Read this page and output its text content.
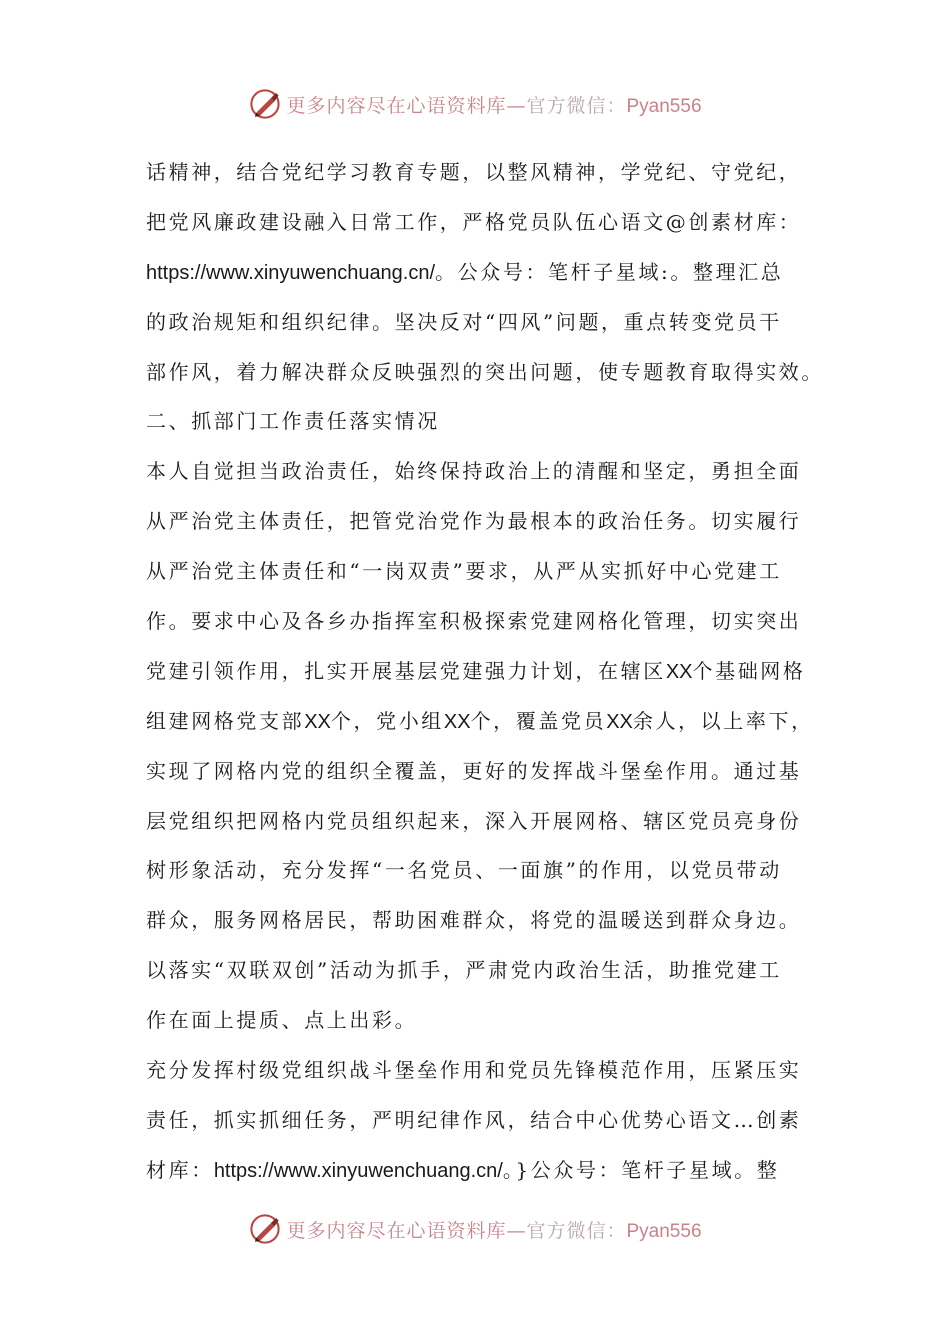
更多内容尽在心语资料库—官方微信：Pyan556
话精神，结合党纪学习教育专题，以整风精神，学党纪、守党纪，
把党风廉政建设融入日常工作，严格党员队伍心语文@创素材库：
https://www.xinyuwenchuang.cn/。公众号：笔杆子星域:。整理汇总
的政治规矩和组织纪律。坚决反对“四风”问题，重点转变党员干
部作风，着力解决群众反映强烈的突出问题，使专题教育取得实效。
二、抓部门工作责任落实情况
本人自觉担当政治责任，始终保持政治上的清醒和坚定，勇担全面
从严治党主体责任，把管党治党作为最根本的政治任务。切实履行
从严治党主体责任和“一岗双责”要求，从严从实抓好中心党建工
作。要求中心及各乡办指挥室积极探索党建网格化管理，切实突出
党建引领作用，扎实开展基层党建强力计划，在辖区XX个基础网格
组建网格党支部XX个，党小组XX个，覆盖党员XX余人，以上率下，
实现了网格内党的组织全覆盖，更好的发挥战斗堡垒作用。通过基
层党组织把网格内党员组织起来，深入开展网格、辖区党员亮身份
树形象活动，充分发挥“一名党员、一面旗”的作用，以党员带动
群众，服务网格居民，帮助困难群众，将党的温暖送到群众身边。
以落实“双联双创”活动为抓手，严肃党内政治生活，助推党建工
作在面上提质、点上出彩。
充分发挥村级党组织战斗堡垒作用和党员先锋模范作用，压紧压实
责任，抓实抓细任务，严明纪律作风，结合中心优势心语文…创素
材库：https://www.xinyuwenchuang.cn/。}公众号：笔杆子星域。整
更多内容尽在心语资料库—官方微信：Pyan556
